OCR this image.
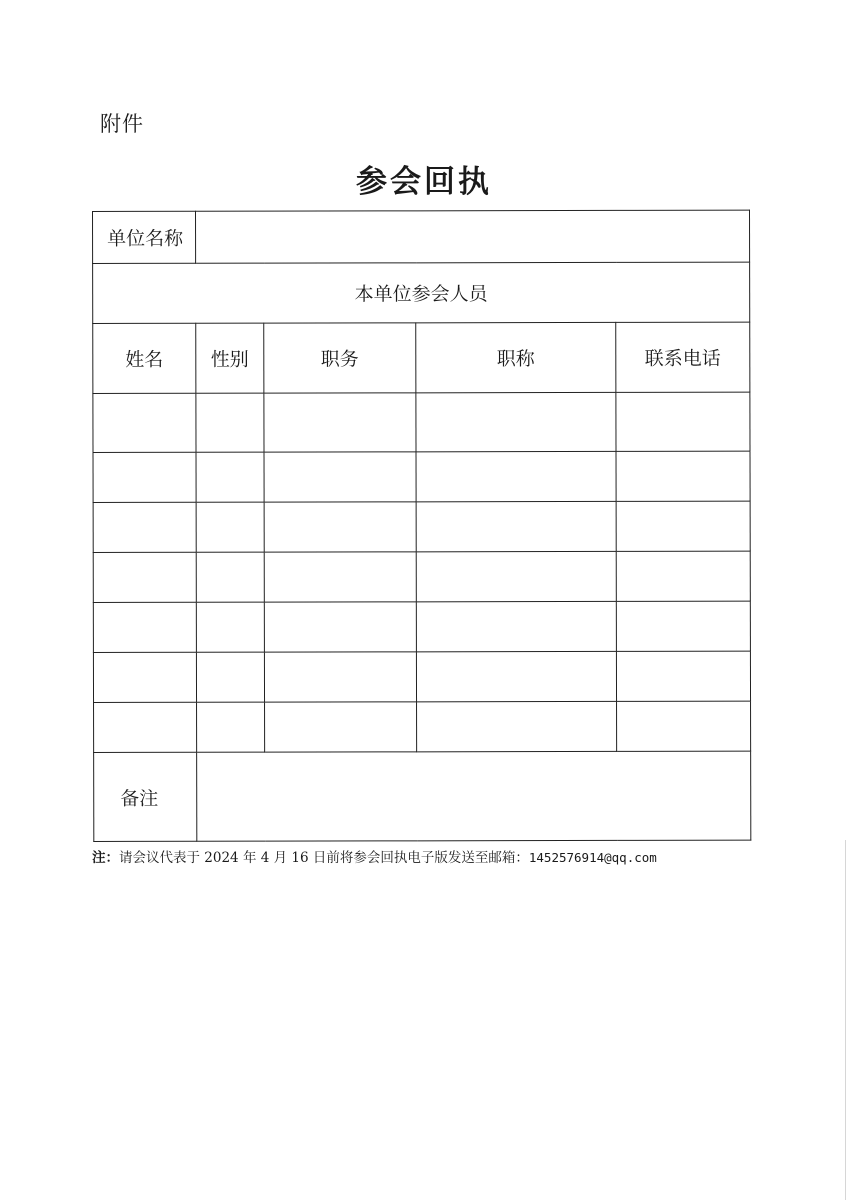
附件
参会回执
单位名称				
本单位参会人员				
姓名	性别	职务	职称	联系电话

备注				
注：请会议代表于 2024 年 4 月 16 日前将参会回执电子版发送至邮箱：1452576914@qq.com
